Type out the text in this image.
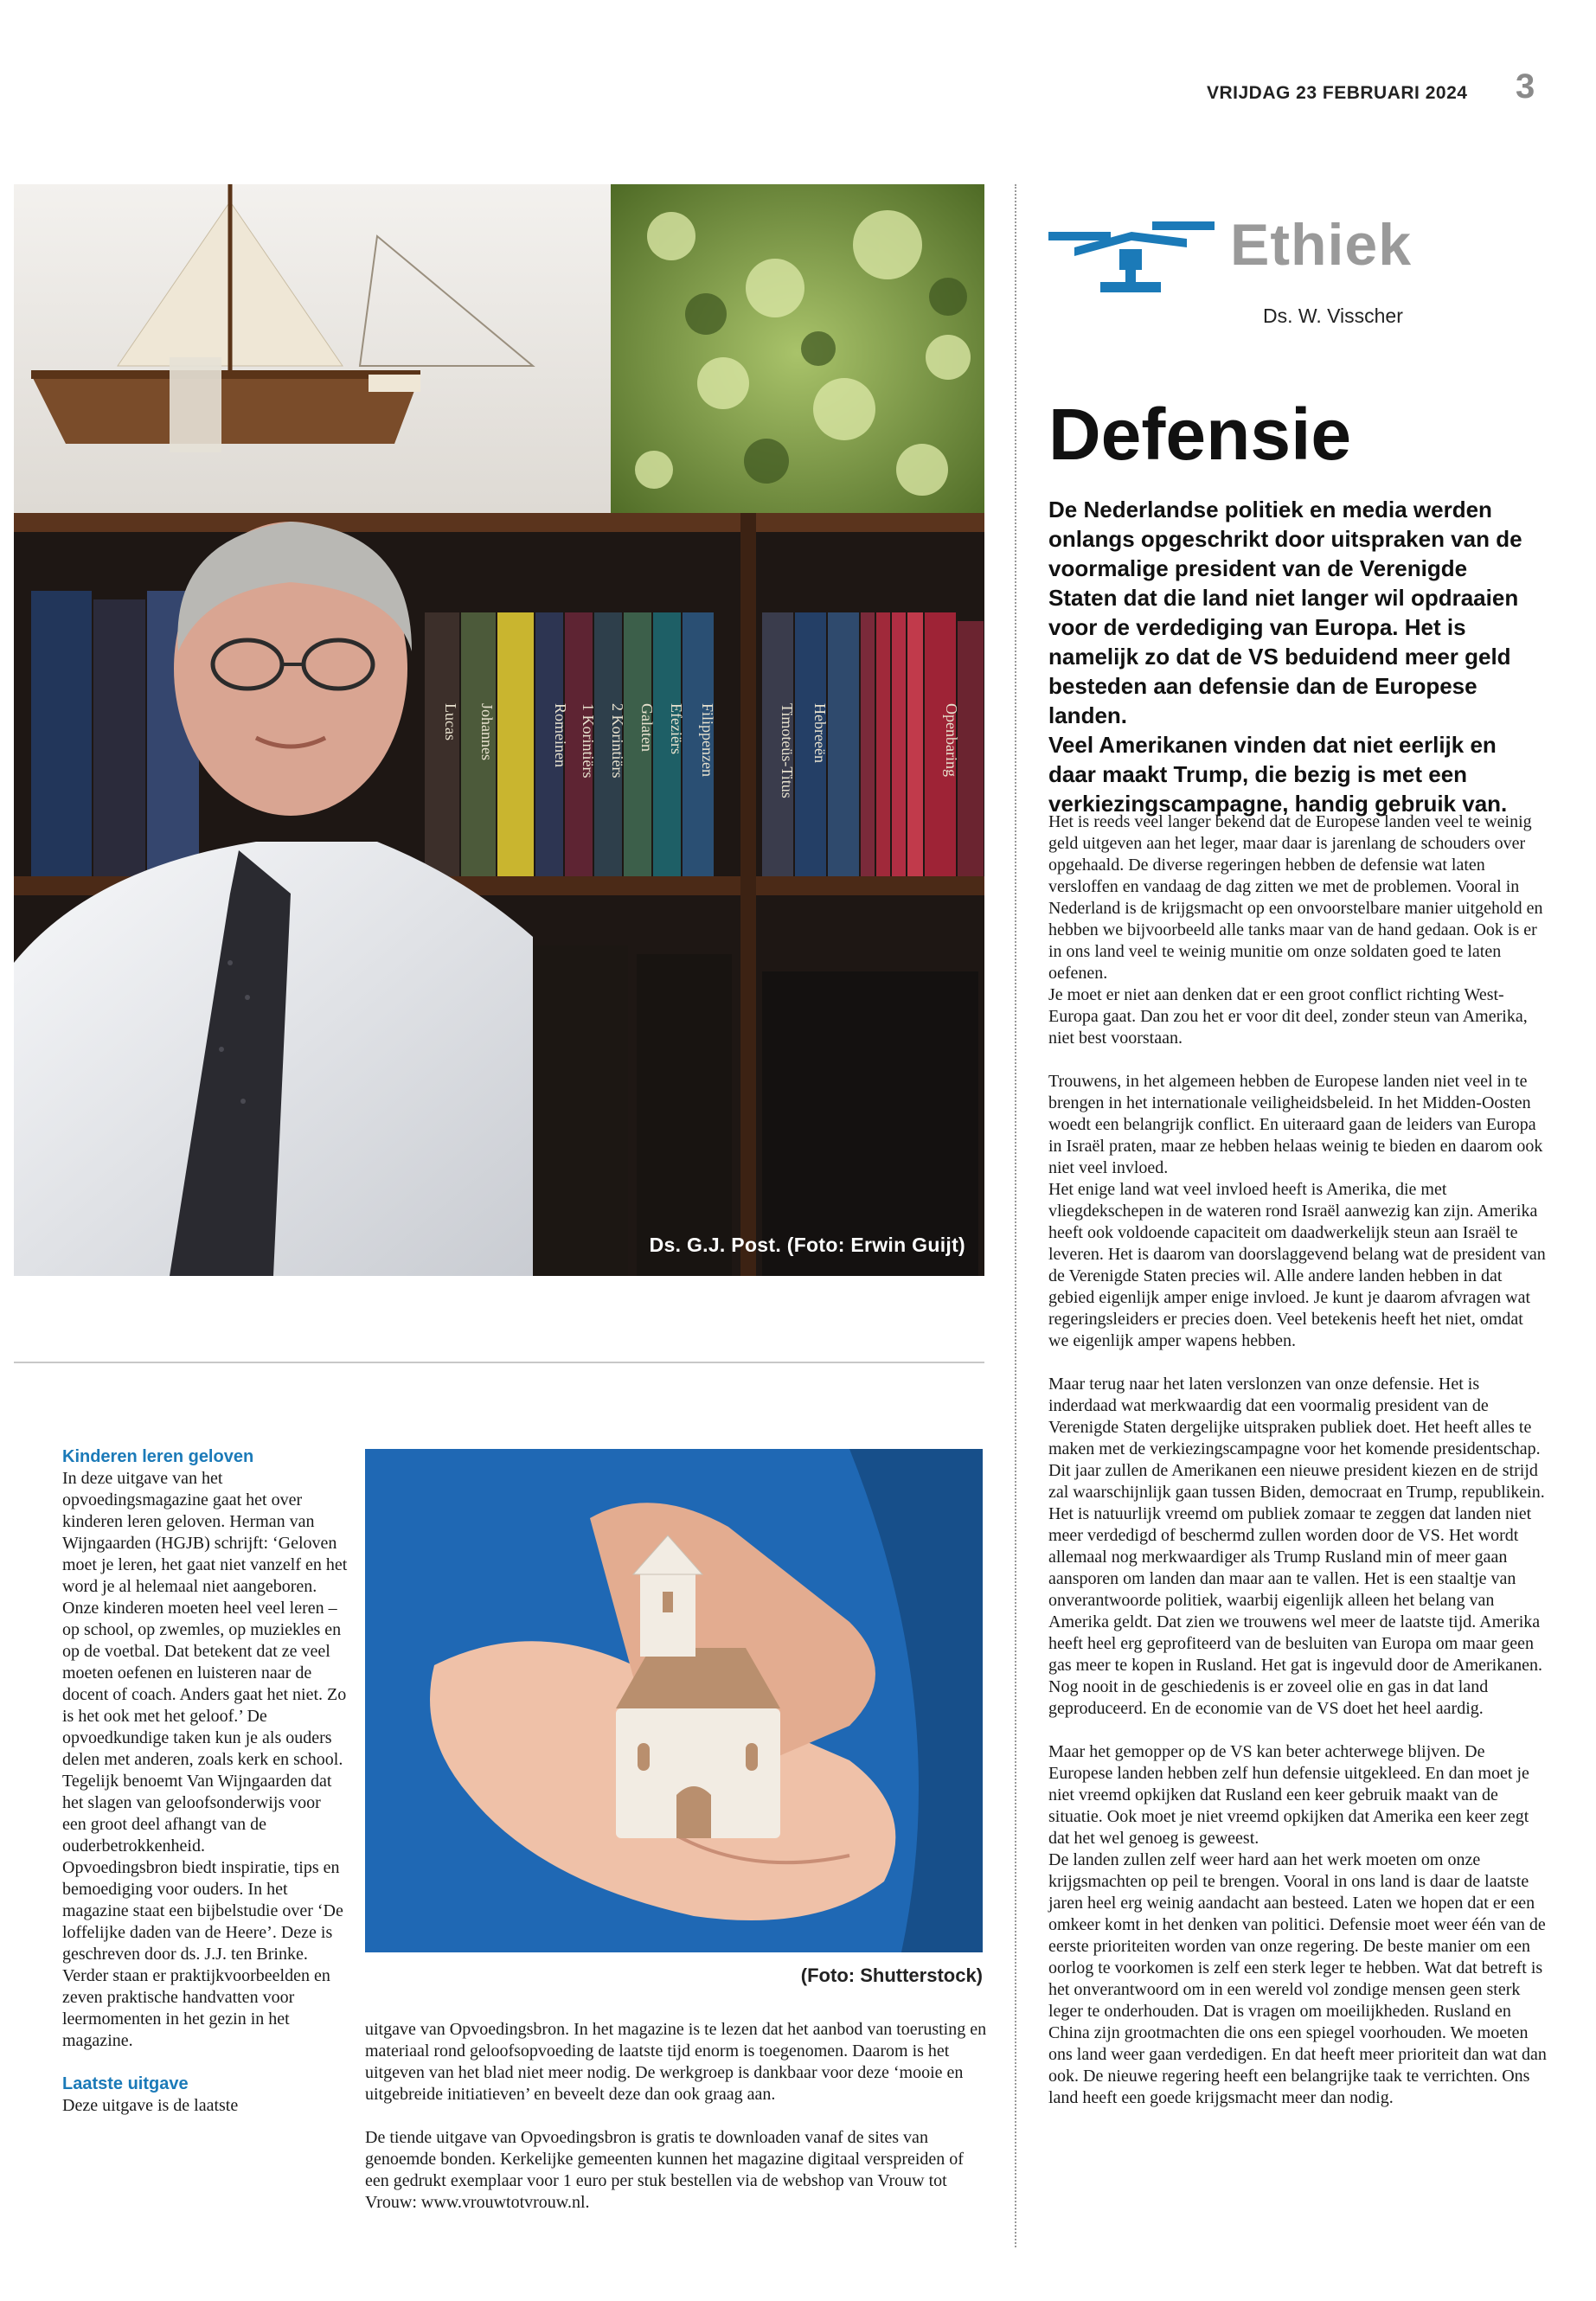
VRIJDAG 23 FEBRUARI 2024 3
Lucas Johannes	Romeinen 1 Korintiërs 2 Korintiërs Galaten Efeziërs Filippenzen	Timoteüs-Titus Hebreeën	Openbaring
Ds. G.J. Post. (Foto: Erwin Guijt)
Ethiek
Ds. W. Visscher
Defensie
De Nederlandse politiek en media werden onlangs opgeschrikt door uitspraken van de voormalige president van de Verenigde Staten dat die land niet langer wil opdraaien voor de verdediging van Europa. Het is namelijk zo dat de VS beduidend meer geld besteden aan defensie dan de Europese landen.
Veel Amerikanen vinden dat niet eerlijk en daar maakt Trump, die bezig is met een verkiezingscampagne, handig gebruik van.

Het is reeds veel langer bekend dat de Europese landen veel te weinig geld uitgeven aan het leger, maar daar is jarenlang de schouders over opgehaald. De diverse regeringen hebben de defensie wat laten versloffen en vandaag de dag zitten we met de problemen. Vooral in Nederland is de krijgsmacht op een onvoorstelbare manier uitgehold en hebben we bijvoorbeeld alle tanks maar van de hand gedaan. Ook is er in ons land veel te weinig munitie om onze soldaten goed te laten oefenen.
Je moet er niet aan denken dat er een groot conflict richting West-Europa gaat. Dan zou het er voor dit deel, zonder steun van Amerika, niet best voorstaan.

Trouwens, in het algemeen hebben de Europese landen niet veel in te brengen in het internationale veiligheidsbeleid. In het Midden-Oosten woedt een belangrijk conflict. En uiteraard gaan de leiders van Europa in Israël praten, maar ze hebben helaas weinig te bieden en daarom ook niet veel invloed.
Het enige land wat veel invloed heeft is Amerika, die met vliegdekschepen in de wateren rond Israël aanwezig kan zijn. Amerika heeft ook voldoende capaciteit om daadwerkelijk steun aan Israël te leveren. Het is daarom van doorslaggevend belang wat de president van de Verenigde Staten precies wil. Alle andere landen hebben in dat gebied eigenlijk amper enige invloed. Je kunt je daarom afvragen wat regeringsleiders er precies doen. Veel betekenis heeft het niet, omdat we eigenlijk amper wapens hebben.

Maar terug naar het laten verslonzen van onze defensie. Het is inderdaad wat merkwaardig dat een voormalig president van de Verenigde Staten dergelijke uitspraken publiek doet. Het heeft alles te maken met de verkiezingscampagne voor het komende presidentschap. Dit jaar zullen de Amerikanen een nieuwe president kiezen en de strijd zal waarschijnlijk gaan tussen Biden, democraat en Trump, republikein. Het is natuurlijk vreemd om publiek zomaar te zeggen dat landen niet meer verdedigd of beschermd zullen worden door de VS. Het wordt allemaal nog merkwaardiger als Trump Rusland min of meer gaan aansporen om landen dan maar aan te vallen. Het is een staaltje van onverantwoorde politiek, waarbij eigenlijk alleen het belang van Amerika geldt. Dat zien we trouwens wel meer de laatste tijd. Amerika heeft heel erg geprofiteerd van de besluiten van Europa om maar geen gas meer te kopen in Rusland. Het gat is ingevuld door de Amerikanen. Nog nooit in de geschiedenis is er zoveel olie en gas in dat land geproduceerd. En de economie van de VS doet het heel aardig.

Maar het gemopper op de VS kan beter achterwege blijven. De Europese landen hebben zelf hun defensie uitgekleed. En dan moet je niet vreemd opkijken dat Rusland een keer gebruik maakt van de situatie. Ook moet je niet vreemd opkijken dat Amerika een keer zegt dat het wel genoeg is geweest.
De landen zullen zelf weer hard aan het werk moeten om onze krijgsmachten op peil te brengen. Vooral in ons land is daar de laatste jaren heel erg weinig aandacht aan besteed. Laten we hopen dat er een omkeer komt in het denken van politici. Defensie moet weer één van de eerste prioriteiten worden van onze regering. De beste manier om een oorlog te voorkomen is zelf een sterk leger te hebben. Wat dat betreft is het onverantwoord om in een wereld vol zondige mensen geen sterk leger te onderhouden. Dat is vragen om moeilijkheden. Rusland en China zijn grootmachten die ons een spiegel voorhouden. We moeten ons land weer gaan verdedigen. En dat heeft meer prioriteit dan wat dan ook. De nieuwe regering heeft een belangrijke taak te verrichten. Ons land heeft een goede krijgsmacht meer dan nodig.

Kinderen leren geloven
In deze uitgave van het opvoedingsmagazine gaat het over kinderen leren geloven. Herman van Wijngaarden (HGJB) schrijft: ‘Geloven moet je leren, het gaat niet vanzelf en het word je al helemaal niet aangeboren. Onze kinderen moeten heel veel leren – op school, op zwemles, op muziekles en op de voetbal. Dat betekent dat ze veel moeten oefenen en luisteren naar de docent of coach. Anders gaat het niet. Zo is het ook met het geloof.’ De opvoedkundige taken kun je als ouders delen met anderen, zoals kerk en school. Tegelijk benoemt Van Wijngaarden dat het slagen van geloofsonderwijs voor een groot deel afhangt van de ouderbetrokkenheid.
Opvoedingsbron biedt inspiratie, tips en bemoediging voor ouders. In het magazine staat een bijbelstudie over ‘De loffelijke daden van de Heere’. Deze is geschreven door ds. J.J. ten Brinke. Verder staan er praktijkvoorbeelden en zeven praktische handvatten voor leermomenten in het gezin in het magazine.
Laatste uitgave
Deze uitgave is de laatste
(Foto: Shutterstock)

uitgave van Opvoedingsbron. In het magazine is te lezen dat het aanbod van toerusting en materiaal rond geloofsopvoeding de laatste tijd enorm is toegenomen. Daarom is het uitgeven van het blad niet meer nodig. De werkgroep is dankbaar voor deze ‘mooie en uitgebreide initiatieven’ en beveelt deze dan ook graag aan.

De tiende uitgave van Opvoedingsbron is gratis te downloaden vanaf de sites van genoemde bonden. Kerkelijke gemeenten kunnen het magazine digitaal verspreiden of een gedrukt exemplaar voor 1 euro per stuk bestellen via de webshop van Vrouw tot Vrouw: www.vrouwtotvrouw.nl.
